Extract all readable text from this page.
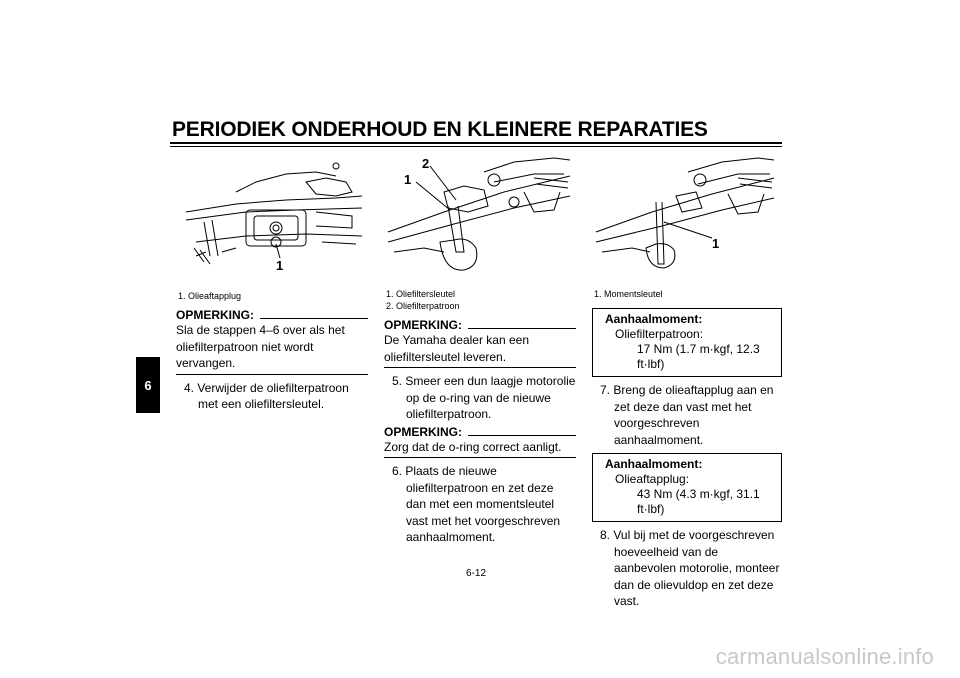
PERIODIEK ONDERHOUD EN KLEINERE REPARATIES
6
1
1. Olieaftapplug
1
2
1. Oliefiltersleutel
2. Oliefilterpatroon
1
1. Momentsleutel
OPMERKING:
Sla de stappen 4–6 over als het oliefilterpatroon niet wordt vervangen.
4. Verwijder de oliefilterpatroon met een oliefiltersleutel.
OPMERKING:
De Yamaha dealer kan een oliefiltersleutel leveren.
5. Smeer een dun laagje motorolie op de o-ring van de nieuwe oliefilterpatroon.
OPMERKING:
Zorg dat de o-ring correct aanligt.
6. Plaats de nieuwe oliefilterpatroon en zet deze dan met een momentsleutel vast met het voorgeschreven aanhaalmoment.
Aanhaalmoment:
Oliefilterpatroon:
17 Nm (1.7 m·kgf, 12.3 ft·lbf)
7. Breng de olieaftapplug aan en zet deze dan vast met het voorgeschreven aanhaalmoment.
Aanhaalmoment:
Olieaftapplug:
43 Nm (4.3 m·kgf, 31.1 ft·lbf)
8. Vul bij met de voorgeschreven hoeveelheid van de aanbevolen motorolie, monteer dan de olievuldop en zet deze vast.
6-12
carmanualsonline.info
